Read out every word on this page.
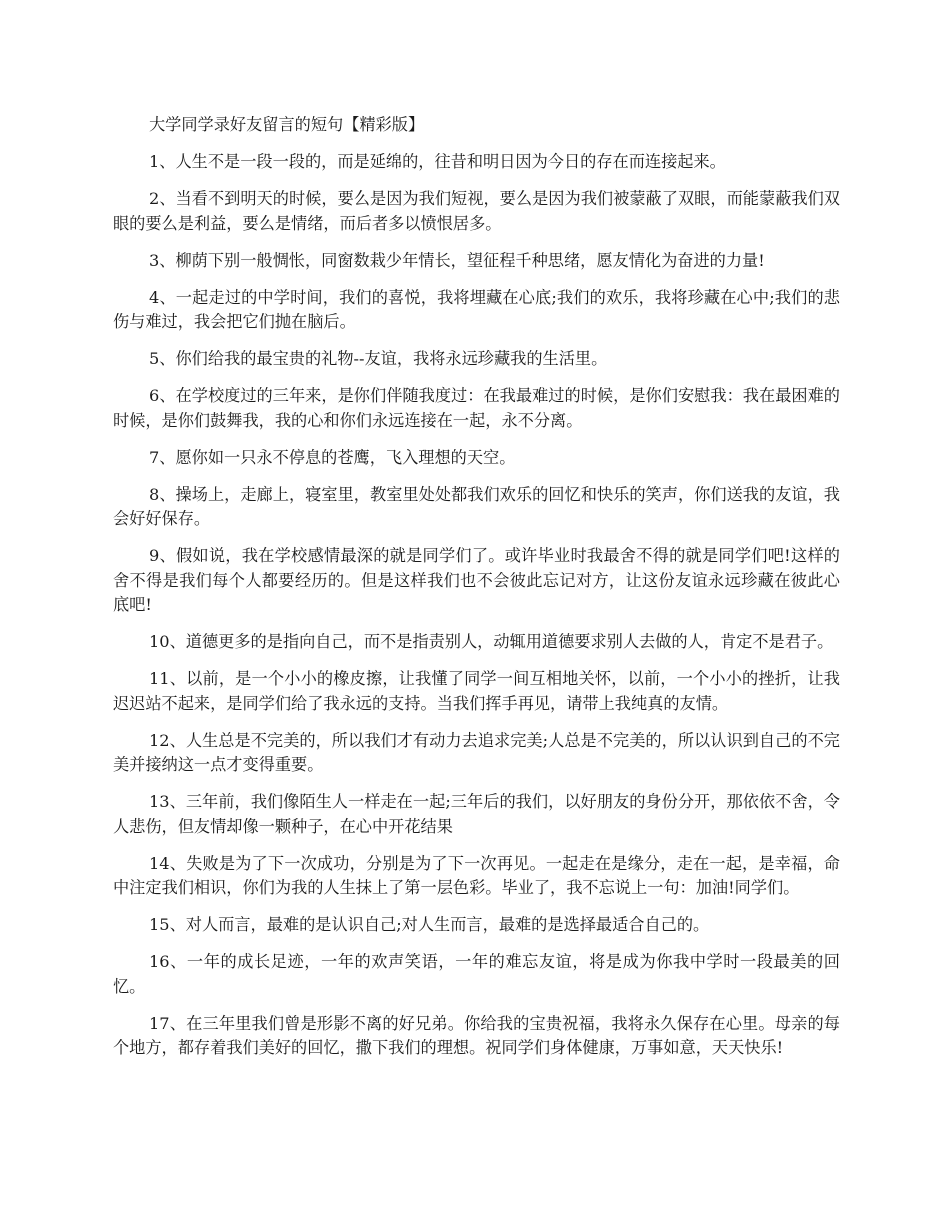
大学同学录好友留言的短句【精彩版】

1、人生不是一段一段的，而是延绵的，往昔和明日因为今日的存在而连接起来。

2、当看不到明天的时候，要么是因为我们短视，要么是因为我们被蒙蔽了双眼，而能蒙蔽我们双眼的要么是利益，要么是情绪，而后者多以愤恨居多。

3、柳荫下别一般惆怅，同窗数栽少年情长，望征程千种思绪，愿友情化为奋进的力量!

4、一起走过的中学时间，我们的喜悦，我将埋藏在心底;我们的欢乐，我将珍藏在心中;我们的悲伤与难过，我会把它们抛在脑后。

5、你们给我的最宝贵的礼物--友谊，我将永远珍藏我的生活里。

6、在学校度过的三年来，是你们伴随我度过：在我最难过的时候，是你们安慰我：我在最困难的时候，是你们鼓舞我，我的心和你们永远连接在一起，永不分离。

7、愿你如一只永不停息的苍鹰，飞入理想的天空。

8、操场上，走廊上，寝室里，教室里处处都我们欢乐的回忆和快乐的笑声，你们送我的友谊，我会好好保存。

9、假如说，我在学校感情最深的就是同学们了。或许毕业时我最舍不得的就是同学们吧!这样的舍不得是我们每个人都要经历的。但是这样我们也不会彼此忘记对方，让这份友谊永远珍藏在彼此心底吧!

10、道德更多的是指向自己，而不是指责别人，动辄用道德要求别人去做的人，肯定不是君子。

11、以前，是一个小小的橡皮擦，让我懂了同学一间互相地关怀，以前，一个小小的挫折，让我迟迟站不起来，是同学们给了我永远的支持。当我们挥手再见，请带上我纯真的友情。

12、人生总是不完美的，所以我们才有动力去追求完美;人总是不完美的，所以认识到自己的不完美并接纳这一点才变得重要。

13、三年前，我们像陌生人一样走在一起;三年后的我们，以好朋友的身份分开，那依依不舍，令人悲伤，但友情却像一颗种子，在心中开花结果

14、失败是为了下一次成功，分别是为了下一次再见。一起走在是缘分，走在一起，是幸福，命中注定我们相识，你们为我的人生抹上了第一层色彩。毕业了，我不忘说上一句：加油!同学们。

15、对人而言，最难的是认识自己;对人生而言，最难的是选择最适合自己的。

16、一年的成长足迹，一年的欢声笑语，一年的难忘友谊，将是成为你我中学时一段最美的回忆。

17、在三年里我们曾是形影不离的好兄弟。你给我的宝贵祝福，我将永久保存在心里。母亲的每个地方，都存着我们美好的回忆，撒下我们的理想。祝同学们身体健康，万事如意，天天快乐!
